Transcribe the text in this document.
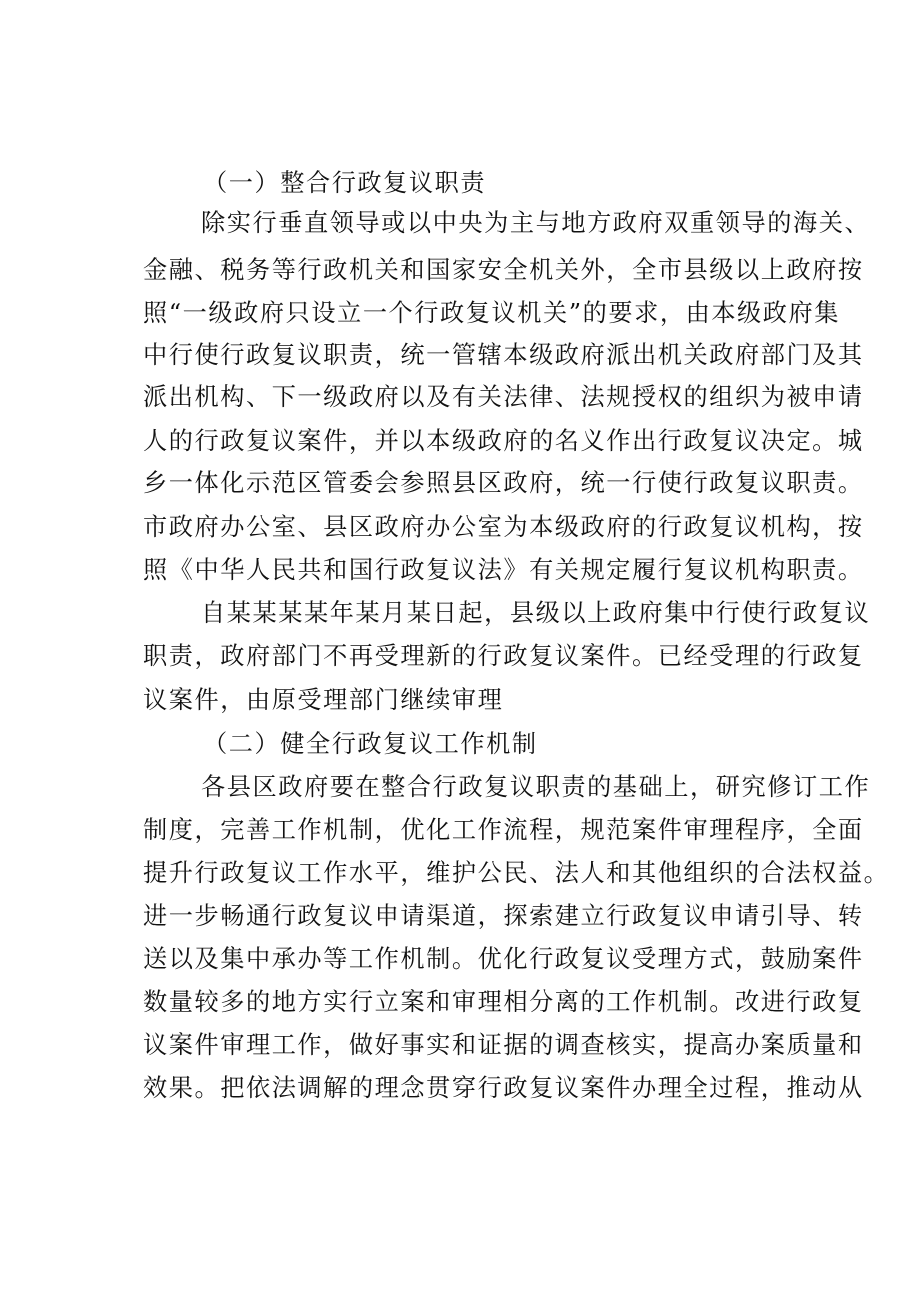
（一）整合行政复议职责
除实行垂直领导或以中央为主与地方政府双重领导的海关、
金融、税务等行政机关和国家安全机关外，全市县级以上政府按
照“一级政府只设立一个行政复议机关”的要求，由本级政府集
中行使行政复议职责，统一管辖本级政府派出机关政府部门及其
派出机构、下一级政府以及有关法律、法规授权的组织为被申请
人的行政复议案件，并以本级政府的名义作出行政复议决定。城
乡一体化示范区管委会参照县区政府，统一行使行政复议职责。
市政府办公室、县区政府办公室为本级政府的行政复议机构，按
照《中华人民共和国行政复议法》有关规定履行复议机构职责。
自某某某某年某月某日起，县级以上政府集中行使行政复议
职责，政府部门不再受理新的行政复议案件。已经受理的行政复
议案件，由原受理部门继续审理
（二）健全行政复议工作机制
各县区政府要在整合行政复议职责的基础上，研究修订工作
制度，完善工作机制，优化工作流程，规范案件审理程序，全面
提升行政复议工作水平，维护公民、法人和其他组织的合法权益。
进一步畅通行政复议申请渠道，探索建立行政复议申请引导、转
送以及集中承办等工作机制。优化行政复议受理方式，鼓励案件
数量较多的地方实行立案和审理相分离的工作机制。改进行政复
议案件审理工作，做好事实和证据的调查核实，提高办案质量和
效果。把依法调解的理念贯穿行政复议案件办理全过程，推动从
